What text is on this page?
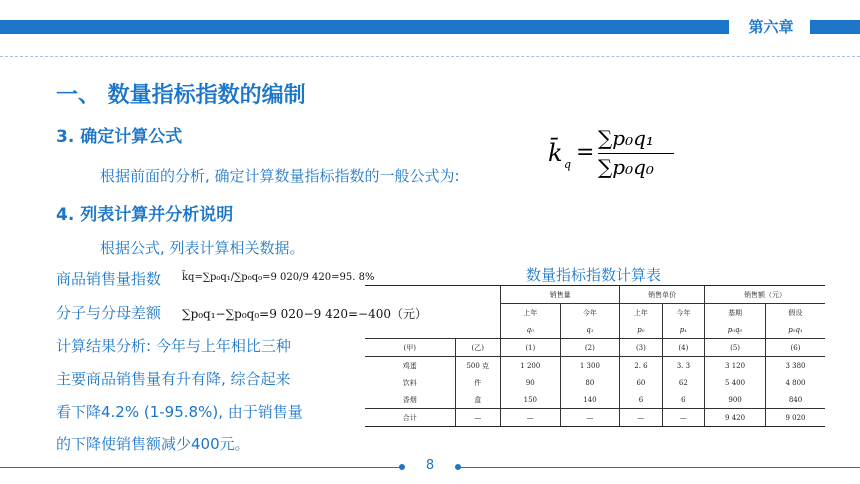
第六章
一、 数量指标指数的编制
3. 确定计算公式
根据前面的分析, 确定计算数量指标指数的一般公式为:
k̄ q =
∑p₀q₁
∑p₀q₀
4. 列表计算并分析说明
根据公式, 列表计算相关数据。
商品销售量指数 k̄q=∑p₀q₁/∑p₀q₀=9 020/9 420=95. 8%
分子与分母差额 ∑p₀q₁−∑p₀q₀=9 020−9 420=−400（元）
计算结果分析: 今年与上年相比三种
主要商品销售量有升有降, 综合起来
看下降4.2% (1-95.8%), 由于销售量
的下降使销售额减少400元。
数量指标指数计算表
		销售量		销售单价		销售额（元）	
		上年	今年	上年	今年	基期	假设
		q₀	q₁	p₀	p₁	p₀q₀	p₀q₁
(甲)	(乙)	(1)	(2)	(3)	(4)	(5)	(6)
鸡蛋	500 克	1 200	1 300	2. 6	3. 3	3 120	3 380
饮料	件	90	80	60	62	5 400	4 800
香烟	盒	150	140	6	6	900	840
合计	—	—	—	—	—	9 420	9 020
8
